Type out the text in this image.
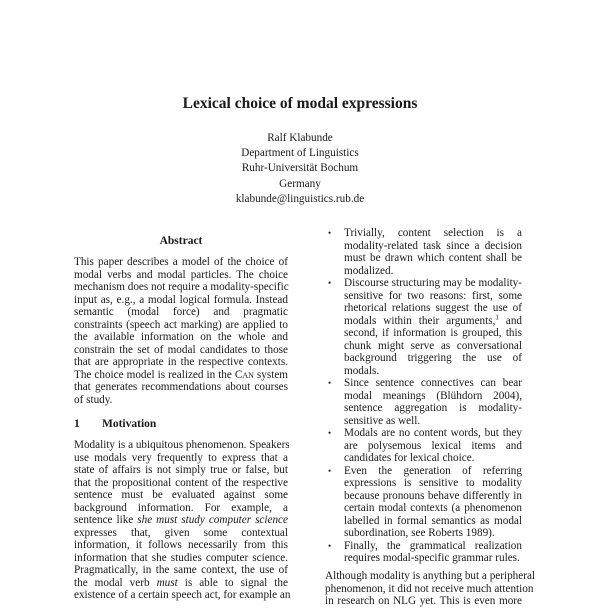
Lexical choice of modal expressions
Ralf Klabunde
Department of Linguistics
Ruhr-Universität Bochum
Germany
klabunde@linguistics.rub.de
Abstract
This paper describes a model of the choice of
modal verbs and modal particles. The choice
mechanism does not require a modality-specific
input as, e.g., a modal logical formula. Instead
semantic (modal force) and pragmatic
constraints (speech act marking) are applied to
the available information on the whole and
constrain the set of modal candidates to those
that are appropriate in the respective contexts.
The choice model is realized in the Can system
that generates recommendations about courses
of study.
1 Motivation
Modality is a ubiquitous phenomenon. Speakers
use modals very frequently to express that a
state of affairs is not simply true or false, but
that the propositional content of the respective
sentence must be evaluated against some
background information. For example, a
sentence like she must study computer science
expresses that, given some contextual
information, it follows necessarily from this
information that she studies computer science.
Pragmatically, in the same context, the use of
the modal verb must is able to signal the
existence of a certain speech act, for example an
• Trivially, content selection is a
modality-related task since a decision
must be drawn which content shall be
modalized.
• Discourse structuring may be modality-
sensitive for two reasons: first, some
rhetorical relations suggest the use of
modals within their arguments,$^1$ and
second, if information is grouped, this
chunk might serve as conversational
background triggering the use of
modals.
• Since sentence connectives can bear
modal meanings (Blühdorn 2004),
sentence aggregation is modality-
sensitive as well.
• Modals are no content words, but they
are polysemous lexical items and
candidates for lexical choice.
• Even the generation of referring
expressions is sensitive to modality
because pronouns behave differently in
certain modal contexts (a phenomenon
labelled in formal semantics as modal
subordination, see Roberts 1989).
• Finally, the grammatical realization
requires modal-specific grammar rules.
Although modality is anything but a peripheral
phenomenon, it did not receive much attention
in research on NLG yet. This is even more
